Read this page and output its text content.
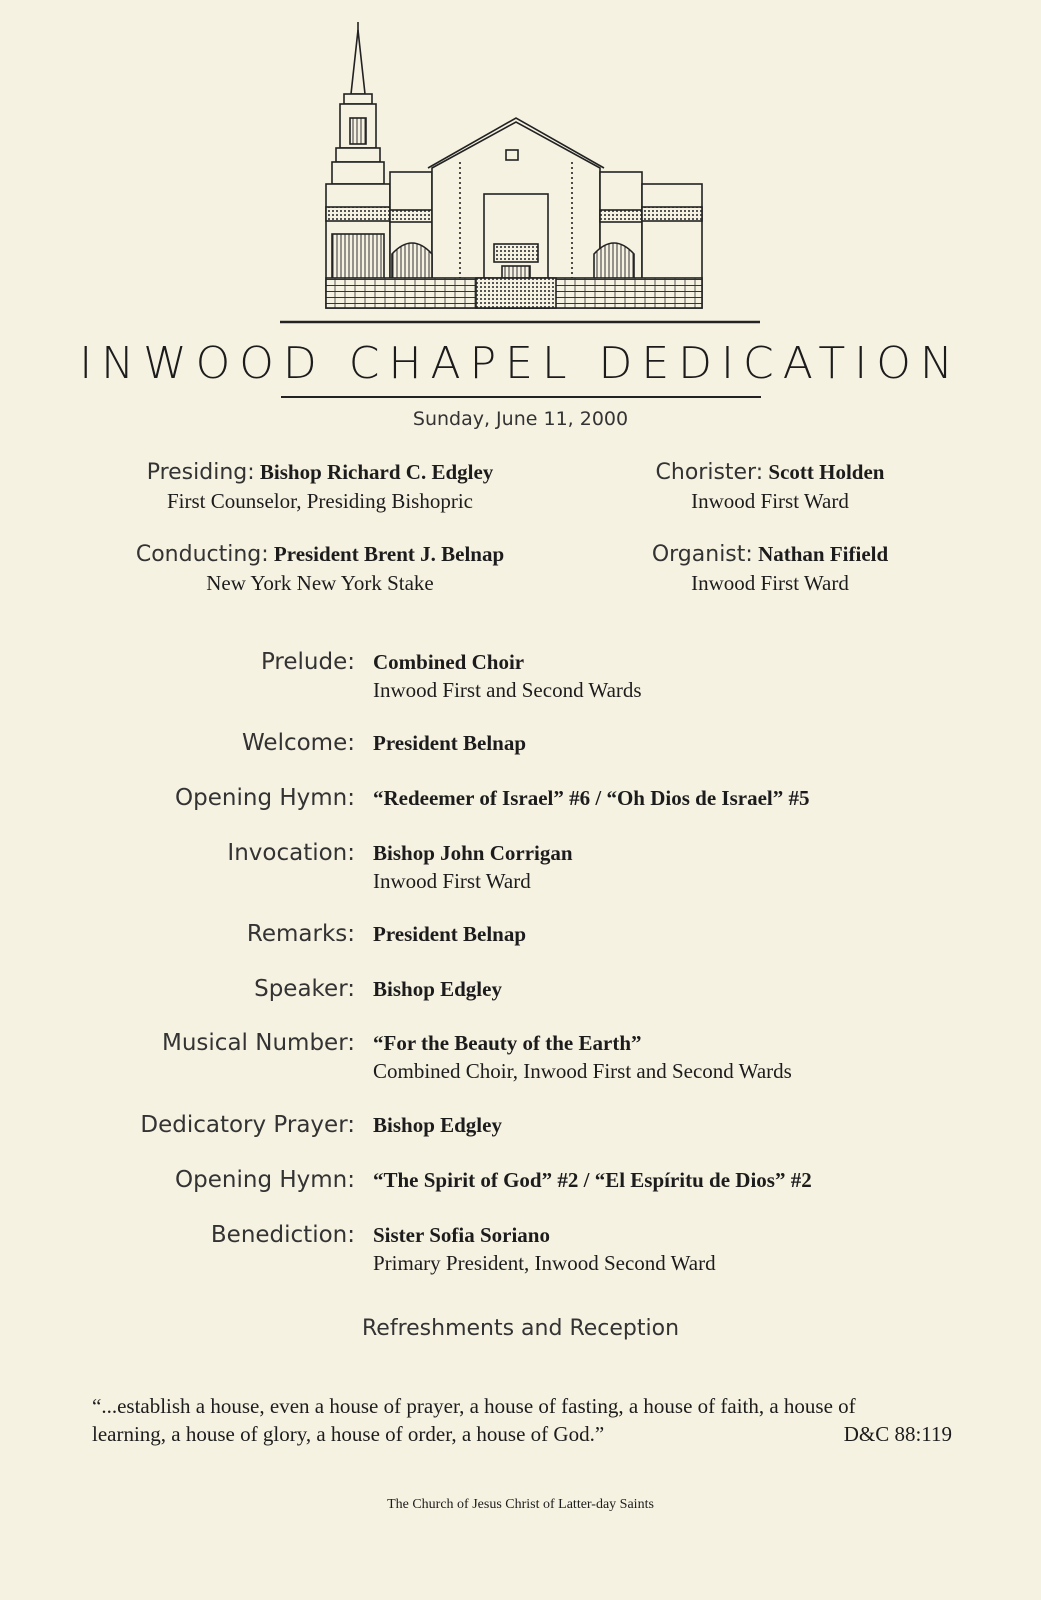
INWOOD CHAPEL DEDICATION
Sunday, June 11, 2000
Presiding: Bishop Richard C. Edgley
First Counselor, Presiding Bishopric
Chorister: Scott Holden
Inwood First Ward
Conducting: President Brent J. Belnap
New York New York Stake
Organist: Nathan Fifield
Inwood First Ward
Prelude: Combined Choir
Inwood First and Second Wards
Welcome: President Belnap
Opening Hymn: “Redeemer of Israel” #6 / “Oh Dios de Israel” #5
Invocation: Bishop John Corrigan
Inwood First Ward
Remarks: President Belnap
Speaker: Bishop Edgley
Musical Number: “For the Beauty of the Earth”
Combined Choir, Inwood First and Second Wards
Dedicatory Prayer: Bishop Edgley
Opening Hymn: “The Spirit of God” #2 / “El Espíritu de Dios” #2
Benediction: Sister Sofia Soriano
Primary President, Inwood Second Ward
Refreshments and Reception
“...establish a house, even a house of prayer, a house of fasting, a house of faith, a house of
learning, a house of glory, a house of order, a house of God.”	D&C 88:119
The Church of Jesus Christ of Latter-day Saints
